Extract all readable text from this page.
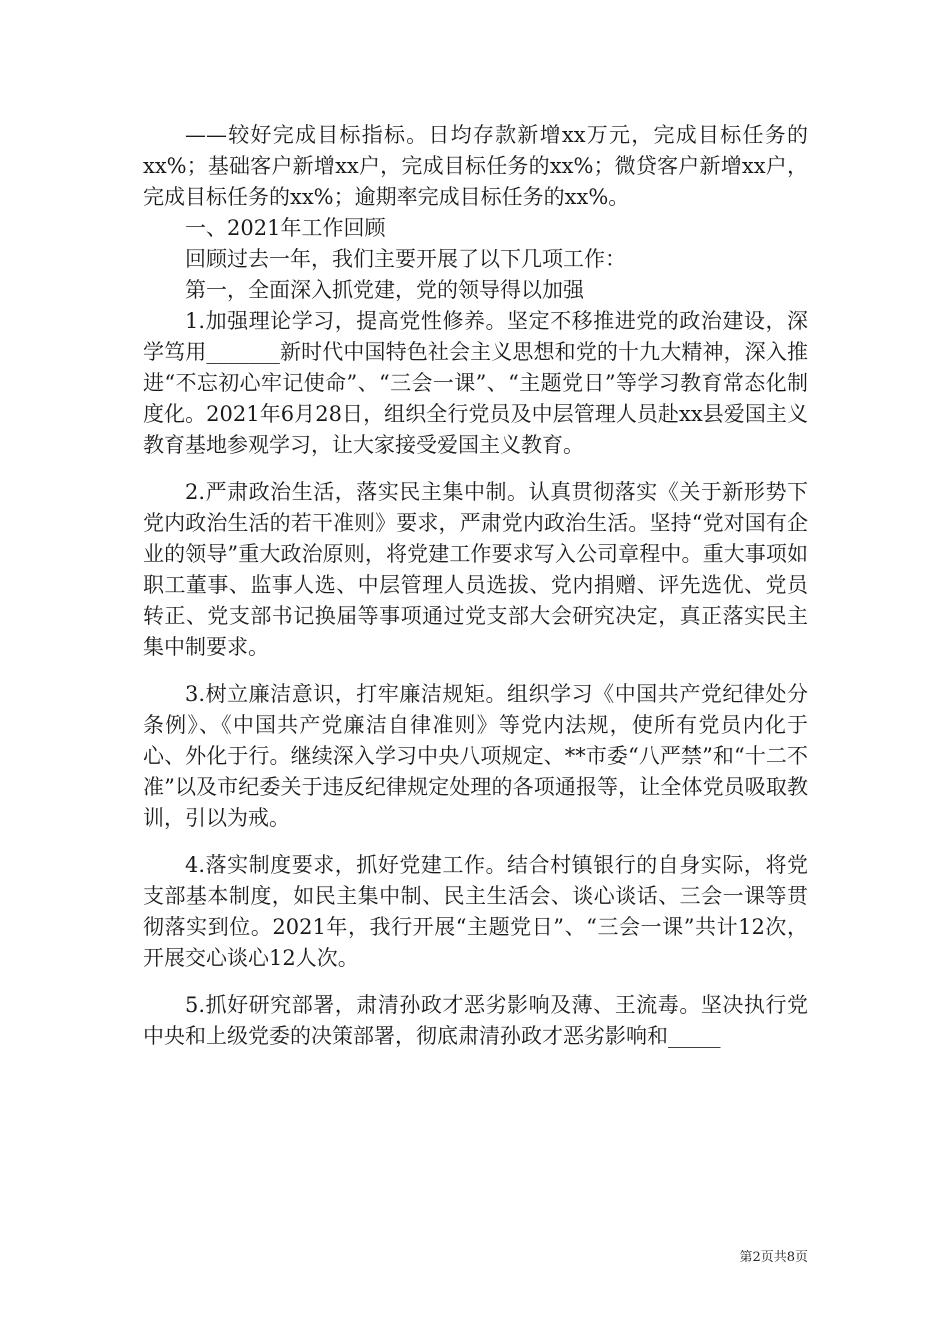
——较好完成目标指标。日均存款新增xx万元，完成目标任务的xx%；基础客户新增xx户，完成目标任务的xx%；微贷客户新增xx户，完成目标任务的xx%；逾期率完成目标任务的xx%。

一、2021年工作回顾

回顾过去一年，我们主要开展了以下几项工作：

第一，全面深入抓党建，党的领导得以加强

1.加强理论学习，提高党性修养。坚定不移推进党的政治建设，深学笃用_______新时代中国特色社会主义思想和党的十九大精神，深入推进“不忘初心牢记使命”、“三会一课”、“主题党日”等学习教育常态化制度化。2021年6月28日，组织全行党员及中层管理人员赴xx县爱国主义教育基地参观学习，让大家接受爱国主义教育。

2.严肃政治生活，落实民主集中制。认真贯彻落实《关于新形势下党内政治生活的若干准则》要求，严肃党内政治生活。坚持“党对国有企业的领导”重大政治原则，将党建工作要求写入公司章程中。重大事项如职工董事、监事人选、中层管理人员选拔、党内捐赠、评先选优、党员转正、党支部书记换届等事项通过党支部大会研究决定，真正落实民主集中制要求。

3.树立廉洁意识，打牢廉洁规矩。组织学习《中国共产党纪律处分条例》、《中国共产党廉洁自律准则》等党内法规，使所有党员内化于心、外化于行。继续深入学习中央八项规定、**市委“八严禁”和“十二不准”以及市纪委关于违反纪律规定处理的各项通报等，让全体党员吸取教训，引以为戒。

4.落实制度要求，抓好党建工作。结合村镇银行的自身实际，将党支部基本制度，如民主集中制、民主生活会、谈心谈话、三会一课等贯彻落实到位。2021年，我行开展“主题党日”、“三会一课”共计12次，开展交心谈心12人次。

5.抓好研究部署，肃清孙政才恶劣影响及薄、王流毒。坚决执行党中央和上级党委的决策部署，彻底肃清孙政才恶劣影响和_____

第2页共8页
